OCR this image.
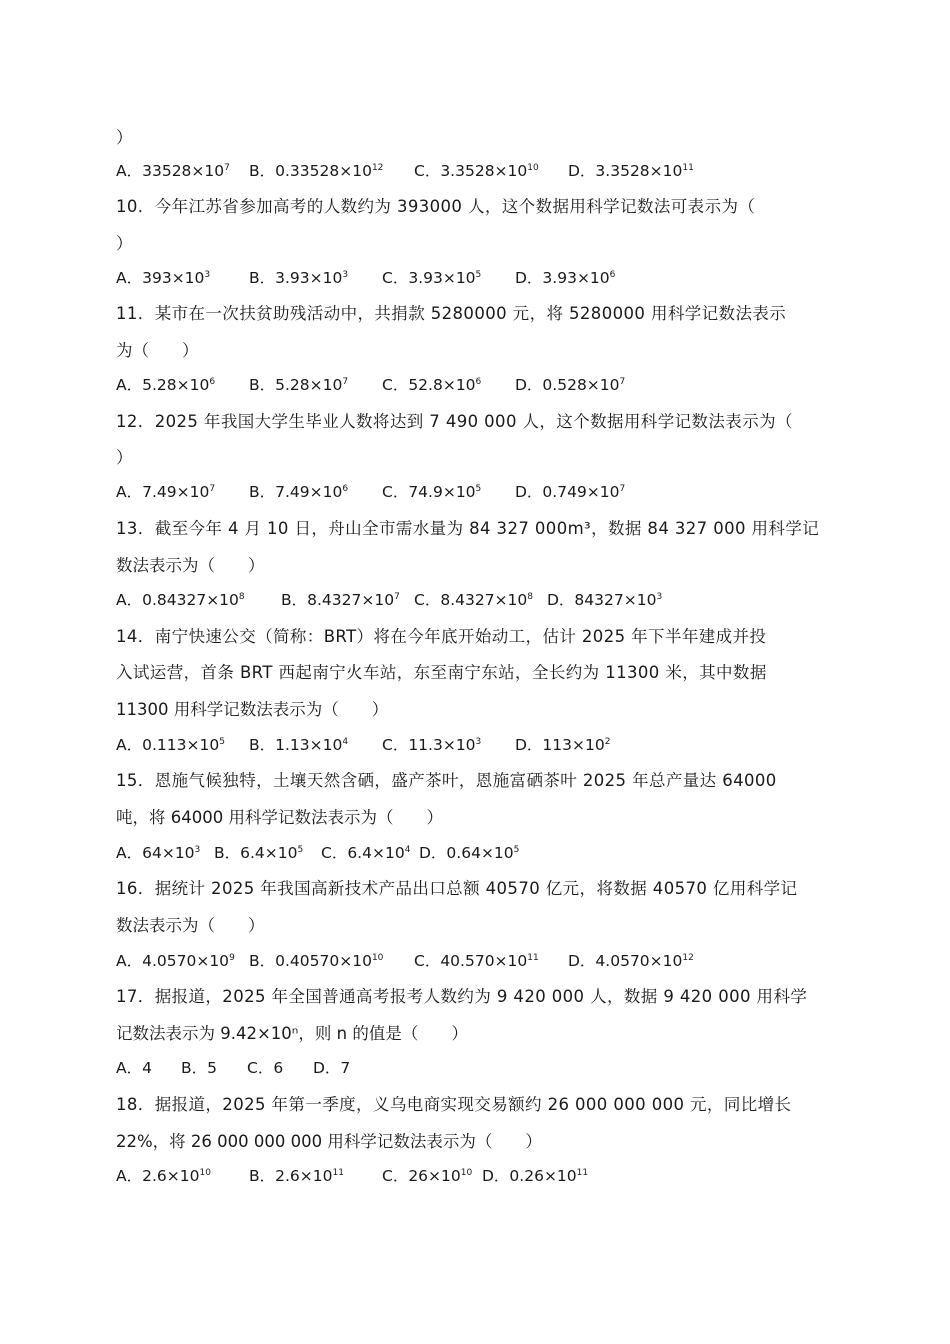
）
A．$33528\times 10^7$ B．$0.33528\times 10^{12}$ C．$3.3528\times 10^{10}$ D．$3.3528\times 10^{11}$
10．今年江苏省参加高考的人数约为 393000 人，这个数据用科学记数法可表示为（
）
A．$393\times 10^3$	B．$3.93\times 10^3$ C．$3.93\times 10^5$ D．$3.93\times 10^6$
11．某市在一次扶贫助残活动中，共捐款 5280000 元，将 5280000 用科学记数法表示
为（　　）
A．$5.28\times 10^6$ B．$5.28\times 10^7$ C．$52.8\times 10^6$ D．$0.528\times 10^7$
12．2025 年我国大学生毕业人数将达到 7 490 000 人，这个数据用科学记数法表示为（
）
A．$7.49\times 10^7$ B．$7.49\times 10^6$ C．$74.9\times 10^5$ D．$0.749\times 10^7$
13．截至今年 4 月 10 日，舟山全市需水量为 84 327 000m³，数据 84 327 000 用科学记
数法表示为（　　）
A．$0.84327\times 10^8$ B．$8.4327\times 10^7$ C．$8.4327\times 10^8$ D．$84327\times 10^3$
14．南宁快速公交（简称：BRT）将在今年底开始动工，估计 2025 年下半年建成并投
入试运营，首条 BRT 西起南宁火车站，东至南宁东站，全长约为 11300 米，其中数据
11300 用科学记数法表示为（　　）
A．$0.113\times 10^5$ B．$1.13\times 10^4$ C．$11.3\times 10^3$ D．$113\times 10^2$
15．恩施气候独特，土壤天然含硒，盛产茶叶，恩施富硒茶叶 2025 年总产量达 64000
吨，将 64000 用科学记数法表示为（　　）
A．$64\times 10^3$ B．$6.4\times 10^5$ C．$6.4\times 10^4$ D．$0.64\times 10^5$
16．据统计 2025 年我国高新技术产品出口总额 40570 亿元，将数据 40570 亿用科学记
数法表示为（　　）
A．$4.0570\times 10^9$ B．$0.40570\times 10^{10}$ C．$40.570\times 10^{11}$ D．$4.0570\times 10^{12}$
17．据报道，2025 年全国普通高考报考人数约为 9 420 000 人，数据 9 420 000 用科学
记数法表示为 9.42×10ⁿ，则 n 的值是（　　）
A．4 B．5 C．6 D．7
18．据报道，2025 年第一季度，义乌电商实现交易额约 26 000 000 000 元，同比增长
22%，将 26 000 000 000 用科学记数法表示为（　　）
A．$2.6\times 10^{10}$ B．$2.6\times 10^{11}$ C．$26\times 10^{10}$ D．$0.26\times 10^{11}$
